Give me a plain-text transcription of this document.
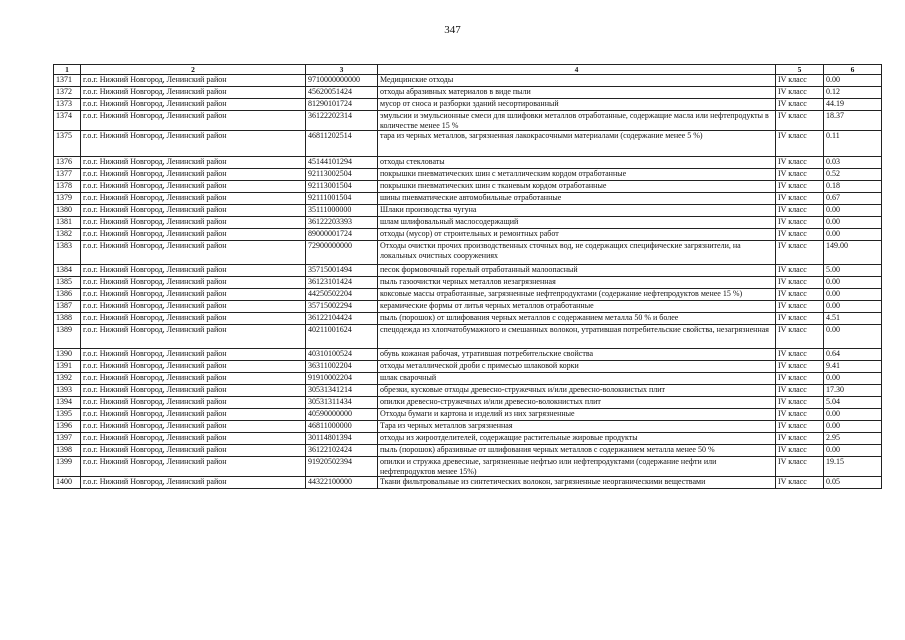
347
1	2	3	4	5	6
1371	г.о.г. Нижний Новгород, Ленинский район	9710000000000	Медицинские отходы	IV класс	0.00
1372	г.о.г. Нижний Новгород, Ленинский район	45620051424	отходы абразивных материалов в виде пыли	IV класс	0.12
1373	г.о.г. Нижний Новгород, Ленинский район	81290101724	мусор от сноса и разборки зданий несортированный	IV класс	44.19
1374	г.о.г. Нижний Новгород, Ленинский район	36122202314	эмульсии и эмульсионные смеси для шлифовки металлов отработанные, содержащие масла или нефтепродукты в количестве менее 15 %	IV класс	18.37
1375	г.о.г. Нижний Новгород, Ленинский район	46811202514	тара из черных металлов, загрязненная лакокрасочными материалами (содержание менее 5 %)	IV класс	0.11
1376	г.о.г. Нижний Новгород, Ленинский район	45144101294	отходы стекловаты	IV класс	0.03
1377	г.о.г. Нижний Новгород, Ленинский район	92113002504	покрышки пневматических шин с металлическим кордом отработанные	IV класс	0.52
1378	г.о.г. Нижний Новгород, Ленинский район	92113001504	покрышки пневматических шин с тканевым кордом отработанные	IV класс	0.18
1379	г.о.г. Нижний Новгород, Ленинский район	92111001504	шины пневматические автомобильные отработанные	IV класс	0.67
1380	г.о.г. Нижний Новгород, Ленинский район	35111000000	Шлаки производства чугуна	IV класс	0.00
1381	г.о.г. Нижний Новгород, Ленинский район	36122203393	шлам шлифовальный маслосодержащий	IV класс	0.00
1382	г.о.г. Нижний Новгород, Ленинский район	89000001724	отходы (мусор) от строительных и ремонтных работ	IV класс	0.00
1383	г.о.г. Нижний Новгород, Ленинский район	72900000000	Отходы очистки прочих производственных сточных вод, не содержащих специфические загрязнители, на локальных очистных сооружениях	IV класс	149.00
1384	г.о.г. Нижний Новгород, Ленинский район	35715001494	песок формовочный горелый отработанный малоопасный	IV класс	5.00
1385	г.о.г. Нижний Новгород, Ленинский район	36123101424	пыль газоочистки черных металлов незагрязненная	IV класс	0.00
1386	г.о.г. Нижний Новгород, Ленинский район	44250502204	коксовые массы отработанные, загрязненные нефтепродуктами (содержание нефтепродуктов менее 15 %)	IV класс	0.00
1387	г.о.г. Нижний Новгород, Ленинский район	35715002294	керамические формы от литья черных металлов отработанные	IV класс	0.00
1388	г.о.г. Нижний Новгород, Ленинский район	36122104424	пыль (порошок) от шлифования черных металлов с содержанием металла 50 % и более	IV класс	4.51
1389	г.о.г. Нижний Новгород, Ленинский район	40211001624	спецодежда из хлопчатобумажного и смешанных волокон, утратившая потребительские свойства, незагрязненная	IV класс	0.00
1390	г.о.г. Нижний Новгород, Ленинский район	40310100524	обувь кожаная рабочая, утратившая потребительские свойства	IV класс	0.64
1391	г.о.г. Нижний Новгород, Ленинский район	36311002204	отходы металлической дроби с примесью шлаковой корки	IV класс	9.41
1392	г.о.г. Нижний Новгород, Ленинский район	91910002204	шлак сварочный	IV класс	0.00
1393	г.о.г. Нижний Новгород, Ленинский район	30531341214	обрезки, кусковые отходы древесно-стружечных и/или древесно-волокнистых плит	IV класс	17.30
1394	г.о.г. Нижний Новгород, Ленинский район	30531311434	опилки древесно-стружечных и/или древесно-волокнистых плит	IV класс	5.04
1395	г.о.г. Нижний Новгород, Ленинский район	40590000000	Отходы бумаги и картона и изделий из них загрязненные	IV класс	0.00
1396	г.о.г. Нижний Новгород, Ленинский район	46811000000	Тара из черных металлов загрязненная	IV класс	0.00
1397	г.о.г. Нижний Новгород, Ленинский район	30114801394	отходы из жироотделителей, содержащие растительные жировые продукты	IV класс	2.95
1398	г.о.г. Нижний Новгород, Ленинский район	36122102424	пыль (порошок) абразивные от шлифования черных металлов с содержанием металла менее 50 %	IV класс	0.00
1399	г.о.г. Нижний Новгород, Ленинский район	91920502394	опилки и стружка древесные, загрязненные нефтью или нефтепродуктами (содержание нефти или нефтепродуктов менее 15%)	IV класс	19.15
1400	г.о.г. Нижний Новгород, Ленинский район	44322100000	Ткани фильтровальные из синтетических волокон, загрязненные неорганическими веществами	IV класс	0.05
